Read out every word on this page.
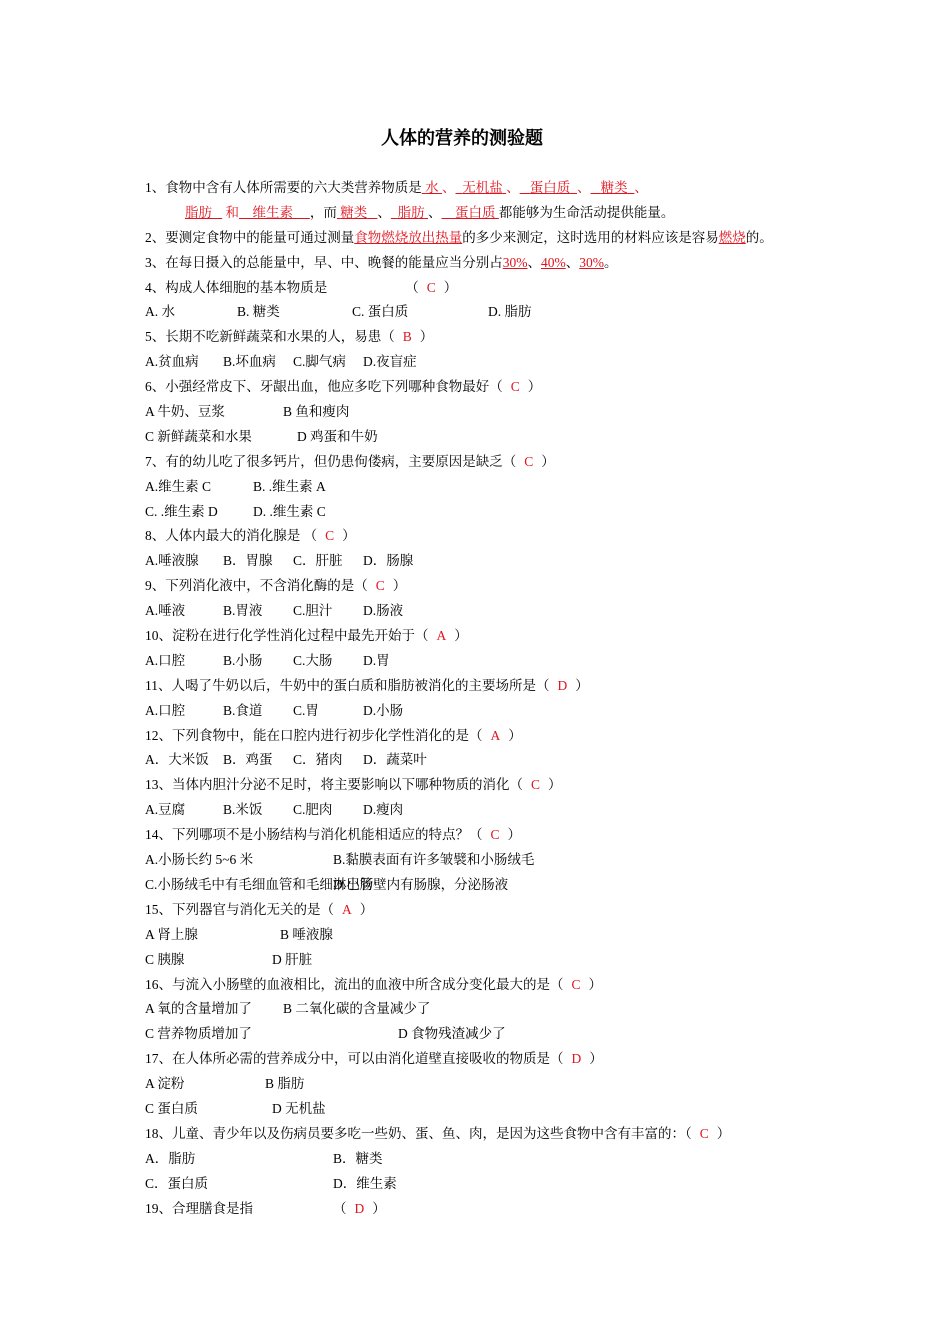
人体的营养的测验题
1、食物中含有人体所需要的六大类营养物质是 水 、 无机盐 、 蛋白质 、 糖类 、
脂肪 和 维生素 ，而 糖类 、 脂肪 、 蛋白质 都能够为生命活动提供能量。
2、要测定食物中的能量可通过测量食物燃烧放出热量的多少来测定，这时选用的材料应该是容易燃烧的。
3、在每日摄入的总能量中，早、中、晚餐的能量应当分别占30%、40%、30%。
4、构成人体细胞的基本物质是	（ C ）
A. 水	B. 糖类	C. 蛋白质	D. 脂肪
5、长期不吃新鲜蔬菜和水果的人，易患（ B ）
A.贫血病 B.坏血病 C.脚气病 D.夜盲症
6、小强经常皮下、牙龈出血，他应多吃下列哪种食物最好（ C ）
A 牛奶、豆浆	B 鱼和瘦肉
C 新鲜蔬菜和水果	D 鸡蛋和牛奶
7、有的幼儿吃了很多钙片，但仍患佝偻病，主要原因是缺乏（ C ）
A.维生素 C	B. .维生素 A
C. .维生素 D	D. .维生素 C
8、人体内最大的消化腺是 （ C ）
A.唾液腺 B．胃腺 C．肝脏 D．肠腺
9、下列消化液中，不含消化酶的是（ C ）
A.唾液	B.胃液 C.胆汁 D.肠液
10、淀粉在进行化学性消化过程中最先开始于（ A ）
A.口腔	B.小肠 C.大肠 D.胃
11、人喝了牛奶以后，牛奶中的蛋白质和脂肪被消化的主要场所是（ D ）
A.口腔	B.食道 C.胃	D.小肠
12、下列食物中，能在口腔内进行初步化学性消化的是（ A ）
A．大米饭 B．鸡蛋 C．猪肉 D．蔬菜叶
13、当体内胆汁分泌不足时，将主要影响以下哪种物质的消化（ C ）
A.豆腐	B.米饭 C.肥肉 D.瘦肉
14、下列哪项不是小肠结构与消化机能相适应的特点？（ C ）
A.小肠长约 5~6 米	B.黏膜表面有许多皱襞和小肠绒毛
C.小肠绒毛中有毛细血管和毛细淋巴管
D.小肠壁内有肠腺，分泌肠液
15、下列器官与消化无关的是（ A ）
A 肾上腺	B 唾液腺
C 胰腺	D 肝脏
16、与流入小肠壁的血液相比，流出的血液中所含成分变化最大的是（ C ）
A 氧的含量增加了 B 二氧化碳的含量减少了
C 营养物质增加了	D 食物残渣减少了
17、在人体所必需的营养成分中，可以由消化道壁直接吸收的物质是（ D ）
A 淀粉	B 脂肪
C 蛋白质	D 无机盐
18、儿童、青少年以及伤病员要多吃一些奶、蛋、鱼、肉，是因为这些食物中含有丰富的：（ C ）
A．脂肪	B．糖类
C．蛋白质	D．维生素
19、合理膳食是指	（ D ）
